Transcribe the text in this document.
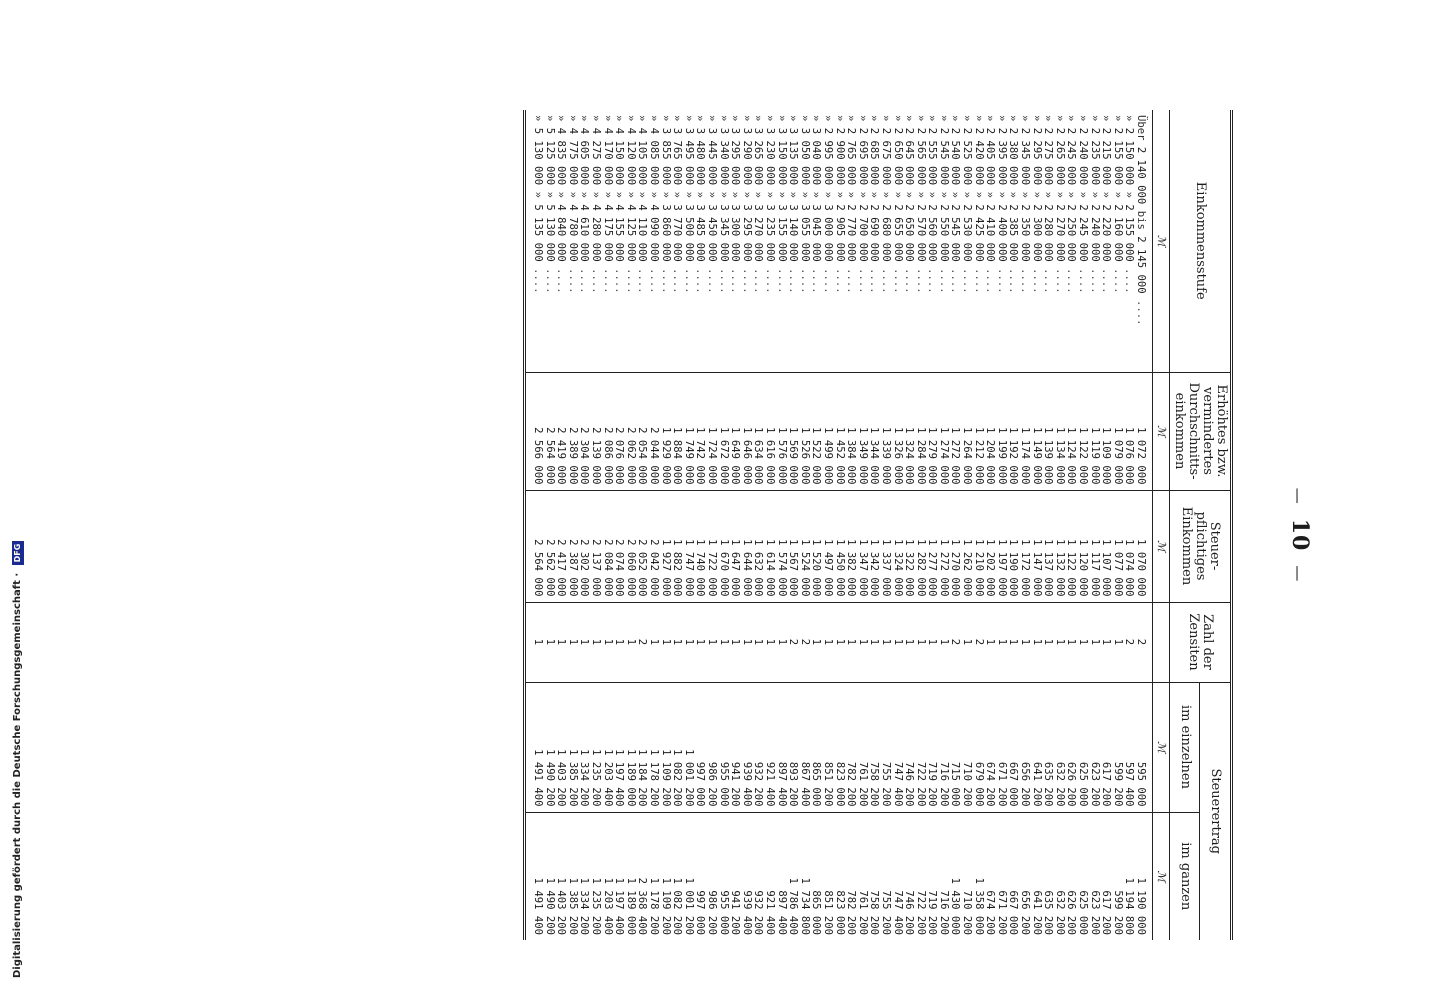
Digitalisierung gefördert durch die Deutsche Forschungsgemeinschaft · DFG
—10—
Einkommensstufe	Erhöhtes bzw. vermindertes Durchschnitts-einkommen	Steuer-pflichtiges Einkommen	Zahl der Zensiten	Steuerertrag	
				im einzelnen	im ganzen
ℳ	ℳ	ℳ		ℳ	ℳ
Über 2 140 000 bis 2 145 000 ....	1 072 000	1 070 000	2	595 000	1 190 000
» 2 150 000 » 2 155 000 ....	1 076 000	1 074 000	2	597 400	1 194 800
» 2 155 000 » 2 160 000 ....	1 079 000	1 077 000	1	599 200	599 200
» 2 215 000 » 2 220 000 ....	1 109 000	1 107 000	1	617 200	617 200
» 2 235 000 » 2 240 000 ....	1 119 000	1 117 000	1	623 200	623 200
» 2 240 000 » 2 245 000 ....	1 122 000	1 120 000	1	625 000	625 000
» 2 245 000 » 2 250 000 ....	1 124 000	1 122 000	1	626 200	626 200
» 2 265 000 » 2 270 000 ....	1 134 000	1 132 000	1	632 200	632 200
» 2 275 000 » 2 280 000 ....	1 139 000	1 137 000	1	635 200	635 200
» 2 295 000 » 2 300 000 ....	1 149 000	1 147 000	1	641 200	641 200
» 2 345 000 » 2 350 000 ....	1 174 000	1 172 000	1	656 200	656 200
» 2 380 000 » 2 385 000 ....	1 192 000	1 190 000	1	667 000	667 000
» 2 395 000 » 2 400 000 ....	1 199 000	1 197 000	1	671 200	671 200
» 2 405 000 » 2 410 000 ....	1 204 000	1 202 000	1	674 200	674 200
» 2 420 000 » 2 425 000 ....	1 212 000	1 210 000	2	679 000	1 358 000
» 2 525 000 » 2 530 000 ....	1 264 000	1 262 000	1	710 200	710 200
» 2 540 000 » 2 545 000 ....	1 272 000	1 270 000	2	715 000	1 430 000
» 2 545 000 » 2 550 000 ....	1 274 000	1 272 000	1	716 200	716 200
» 2 555 000 » 2 560 000 ....	1 279 000	1 277 000	1	719 200	719 200
» 2 565 000 » 2 570 000 ....	1 284 000	1 282 000	1	722 200	722 200
» 2 645 000 » 2 650 000 ....	1 324 000	1 322 000	1	746 200	746 200
» 2 650 000 » 2 655 000 ....	1 326 000	1 324 000	1	747 400	747 400
» 2 675 000 » 2 680 000 ....	1 339 000	1 337 000	1	755 200	755 200
» 2 685 000 » 2 690 000 ....	1 344 000	1 342 000	1	758 200	758 200
» 2 695 000 » 2 700 000 ....	1 349 000	1 347 000	1	761 200	761 200
» 2 765 000 » 2 770 000 ....	1 384 000	1 382 000	1	782 200	782 200
» 2 900 000 » 2 905 000 ....	1 452 000	1 450 000	1	823 000	823 000
» 2 995 000 » 3 000 000 ....	1 499 000	1 497 000	1	851 200	851 200
» 3 040 000 » 3 045 000 ....	1 522 000	1 520 000	1	865 000	865 000
» 3 050 000 » 3 055 000 ....	1 526 000	1 524 000	2	867 400	1 734 800
» 3 135 000 » 3 140 000 ....	1 569 000	1 567 000	2	893 200	1 786 400
» 3 150 000 » 3 155 000 ....	1 576 000	1 574 000	1	897 400	897 400
» 3 230 000 » 3 235 000 ....	1 616 000	1 614 000	1	921 400	921 400
» 3 265 000 » 3 270 000 ....	1 634 000	1 632 000	1	932 200	932 200
» 3 290 000 » 3 295 000 ....	1 646 000	1 644 000	1	939 400	939 400
» 3 295 000 » 3 300 000 ....	1 649 000	1 647 000	1	941 200	941 200
» 3 340 000 » 3 345 000 ....	1 672 000	1 670 000	1	955 000	955 000
» 3 445 000 » 3 450 000 ....	1 724 000	1 722 000	1	986 200	986 200
» 3 480 000 » 3 485 000 ....	1 742 000	1 740 000	1	997 000	997 000
» 3 495 000 » 3 500 000 ....	1 749 000	1 747 000	1	1 001 200	1 001 200
» 3 765 000 » 3 770 000 ....	1 884 000	1 882 000	1	1 082 200	1 082 200
» 3 855 000 » 3 860 000 ....	1 929 000	1 927 000	1	1 109 200	1 109 200
» 4 085 000 » 4 090 000 ....	2 044 000	2 042 000	1	1 178 200	1 178 200
» 4 105 000 » 4 110 000 ....	2 054 000	2 052 000	2	1 184 200	2 368 400
» 4 120 000 » 4 125 000 ....	2 062 000	2 060 000	1	1 189 000	1 189 000
» 4 150 000 » 4 155 000 ....	2 076 000	2 074 000	1	1 197 400	1 197 400
» 4 170 000 » 4 175 000 ....	2 086 000	2 084 000	1	1 203 400	1 203 400
» 4 275 000 » 4 280 000 ....	2 139 000	2 137 000	1	1 235 200	1 235 200
» 4 605 000 » 4 610 000 ....	2 304 000	2 302 000	1	1 334 200	1 334 200
» 4 775 000 » 4 780 000 ....	2 389 000	2 387 000	1	1 385 200	1 385 200
» 4 835 000 » 4 840 000 ....	2 419 000	2 417 000	1	1 403 200	1 403 200
» 5 125 000 » 5 130 000 ....	2 564 000	2 562 000	1	1 490 200	1 490 200
» 5 130 000 » 5 135 000 ....	2 566 000	2 564 000	1	1 491 400	1 491 400
